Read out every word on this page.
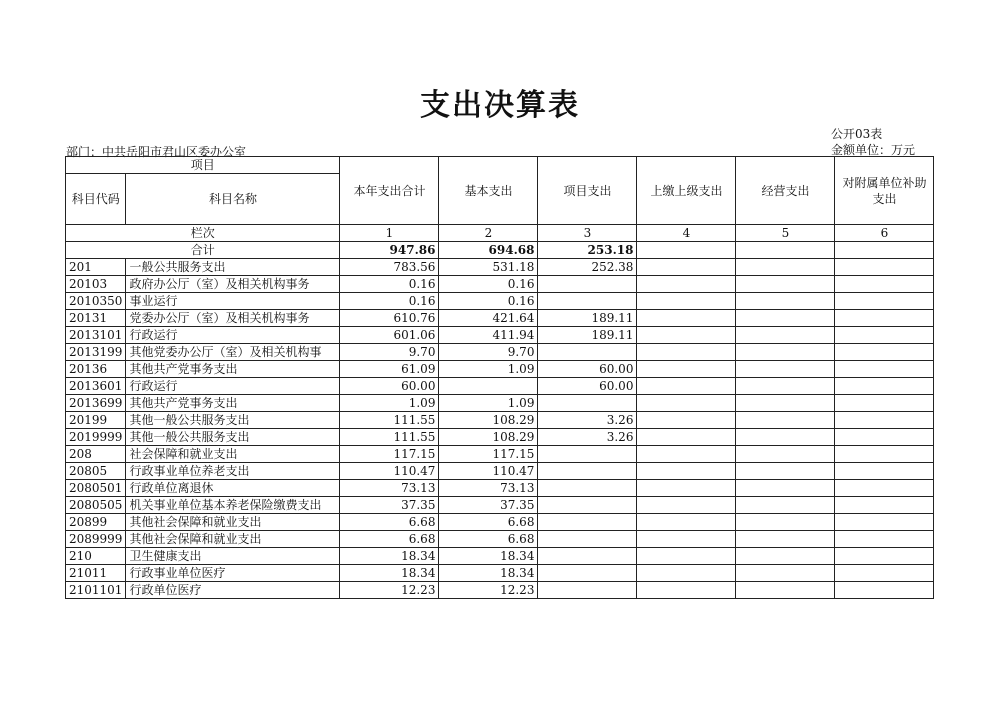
支出决算表
公开03表
金额单位：万元
部门：中共岳阳市君山区委办公室
项目		本年支出合计	基本支出	项目支出	上缴上级支出	经营支出	对附属单位补助支出
科目代码	科目名称						

栏次		1	2	3	4	5	6
合计		947.86	694.68	253.18			
201	一般公共服务支出	783.56	531.18	252.38			
20103	政府办公厅（室）及相关机构事务	0.16	0.16				
2010350	事业运行	0.16	0.16				
20131	党委办公厅（室）及相关机构事务	610.76	421.64	189.11			
2013101	行政运行	601.06	411.94	189.11			
2013199	其他党委办公厅（室）及相关机构事	9.70	9.70				
20136	其他共产党事务支出	61.09	1.09	60.00			
2013601	行政运行	60.00		60.00			
2013699	其他共产党事务支出	1.09	1.09				
20199	其他一般公共服务支出	111.55	108.29	3.26			
2019999	其他一般公共服务支出	111.55	108.29	3.26			
208	社会保障和就业支出	117.15	117.15				
20805	行政事业单位养老支出	110.47	110.47				
2080501	行政单位离退休	73.13	73.13				
2080505	机关事业单位基本养老保险缴费支出	37.35	37.35				
20899	其他社会保障和就业支出	6.68	6.68				
2089999	其他社会保障和就业支出	6.68	6.68				
210	卫生健康支出	18.34	18.34				
21011	行政事业单位医疗	18.34	18.34				
2101101	行政单位医疗	12.23	12.23				
